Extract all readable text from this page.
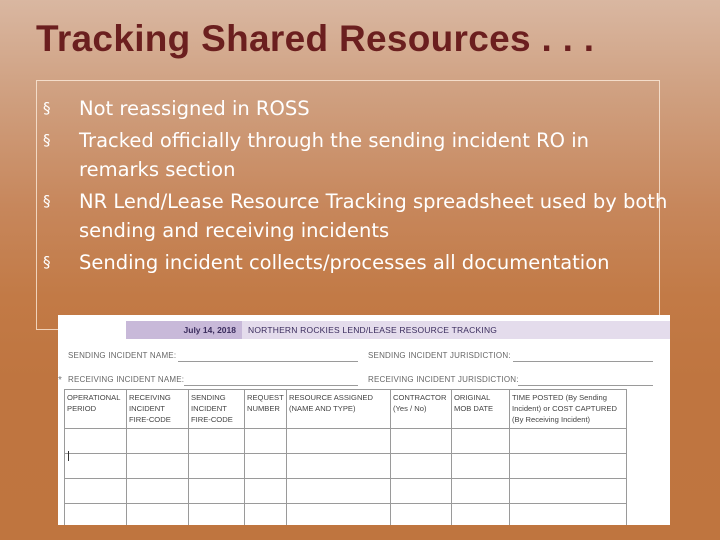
Tracking Shared Resources . . .
§ Not reassigned in ROSS
§ Tracked officially through the sending incident RO in remarks section
§ NR Lend/Lease Resource Tracking spreadsheet used by both sending and receiving incidents
§ Sending incident collects/processes all documentation
July 14, 2018	NORTHERN ROCKIES LEND/LEASE RESOURCE TRACKING
SENDING INCIDENT NAME:	SENDING INCIDENT JURISDICTION:
* RECEIVING INCIDENT NAME:	RECEIVING INCIDENT JURISDICTION:
OPERATIONAL PERIOD	RECEIVING INCIDENT FIRE-CODE	SENDING INCIDENT FIRE-CODE	REQUEST NUMBER	RESOURCE ASSIGNED (NAME AND TYPE)	CONTRACTOR (Yes / No)	ORIGINAL MOB DATE	TIME POSTED (By Sending Incident) or COST CAPTURED (By Receiving Incident)
